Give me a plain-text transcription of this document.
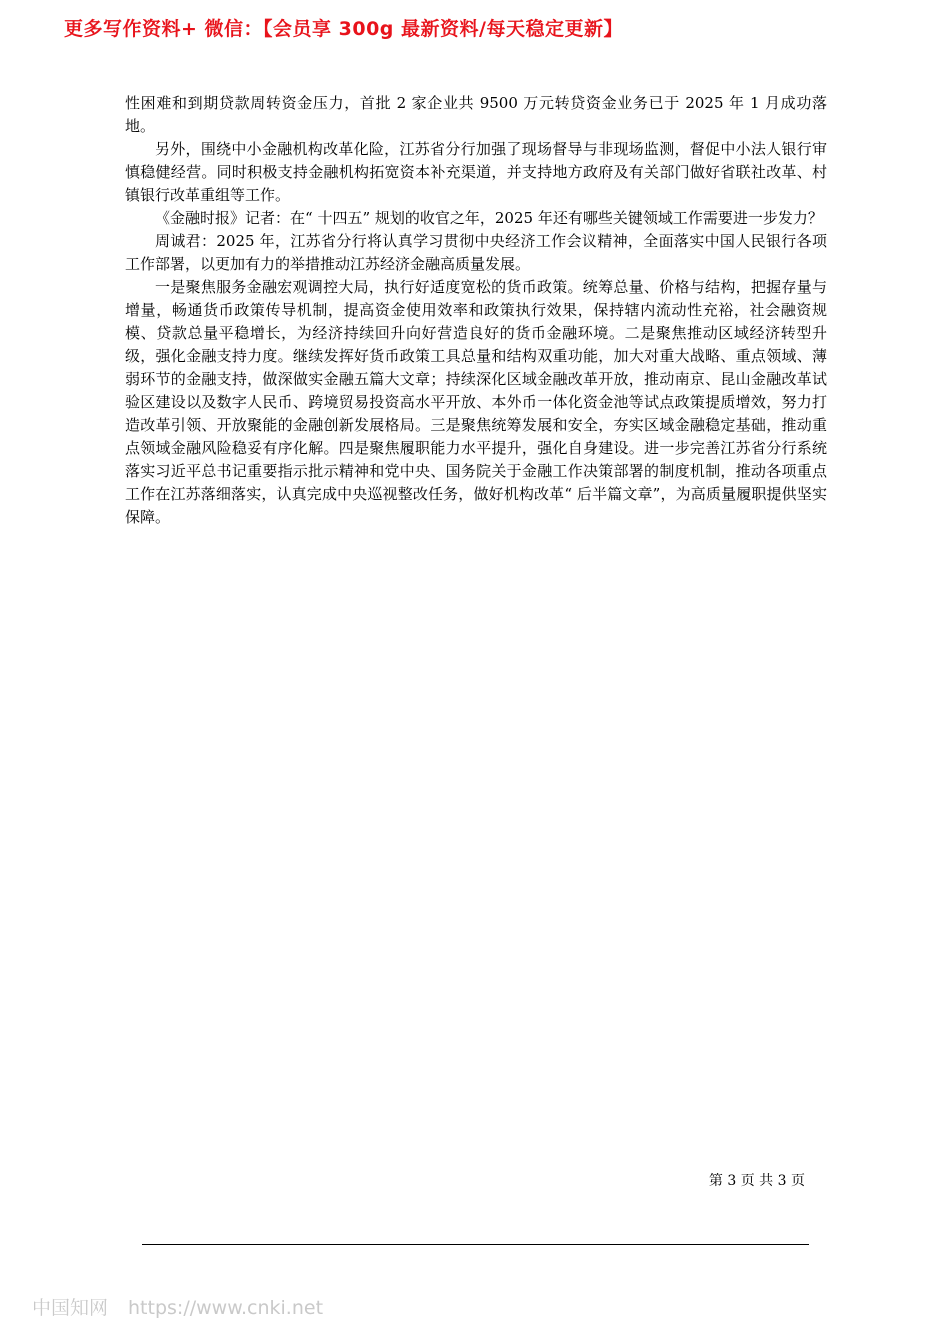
更多写作资料+ 微信：【会员享 300g 最新资料/每天稳定更新】

性困难和到期贷款周转资金压力，首批 2 家企业共 9500 万元转贷资金业务已于 2025 年 1 月成功落地。

另外，围绕中小金融机构改革化险，江苏省分行加强了现场督导与非现场监测，督促中小法人银行审慎稳健经营。同时积极支持金融机构拓宽资本补充渠道，并支持地方政府及有关部门做好省联社改革、村镇银行改革重组等工作。

《金融时报》记者：在“ 十四五” 规划的收官之年，2025 年还有哪些关键领域工作需要进一步发力？

周诚君：2025 年，江苏省分行将认真学习贯彻中央经济工作会议精神，全面落实中国人民银行各项工作部署，以更加有力的举措推动江苏经济金融高质量发展。

一是聚焦服务金融宏观调控大局，执行好适度宽松的货币政策。统筹总量、价格与结构，把握存量与增量，畅通货币政策传导机制，提高资金使用效率和政策执行效果，保持辖内流动性充裕，社会融资规模、贷款总量平稳增长，为经济持续回升向好营造良好的货币金融环境。二是聚焦推动区域经济转型升级，强化金融支持力度。继续发挥好货币政策工具总量和结构双重功能，加大对重大战略、重点领域、薄弱环节的金融支持，做深做实金融五篇大文章；持续深化区域金融改革开放，推动南京、昆山金融改革试验区建设以及数字人民币、跨境贸易投资高水平开放、本外币一体化资金池等试点政策提质增效，努力打造改革引领、开放聚能的金融创新发展格局。三是聚焦统筹发展和安全，夯实区域金融稳定基础，推动重点领域金融风险稳妥有序化解。四是聚焦履职能力水平提升，强化自身建设。进一步完善江苏省分行系统落实习近平总书记重要指示批示精神和党中央、国务院关于金融工作决策部署的制度机制，推动各项重点工作在江苏落细落实，认真完成中央巡视整改任务，做好机构改革“ 后半篇文章”，为高质量履职提供坚实保障。

第 3 页 共 3 页
中国知网 https://www.cnki.net
